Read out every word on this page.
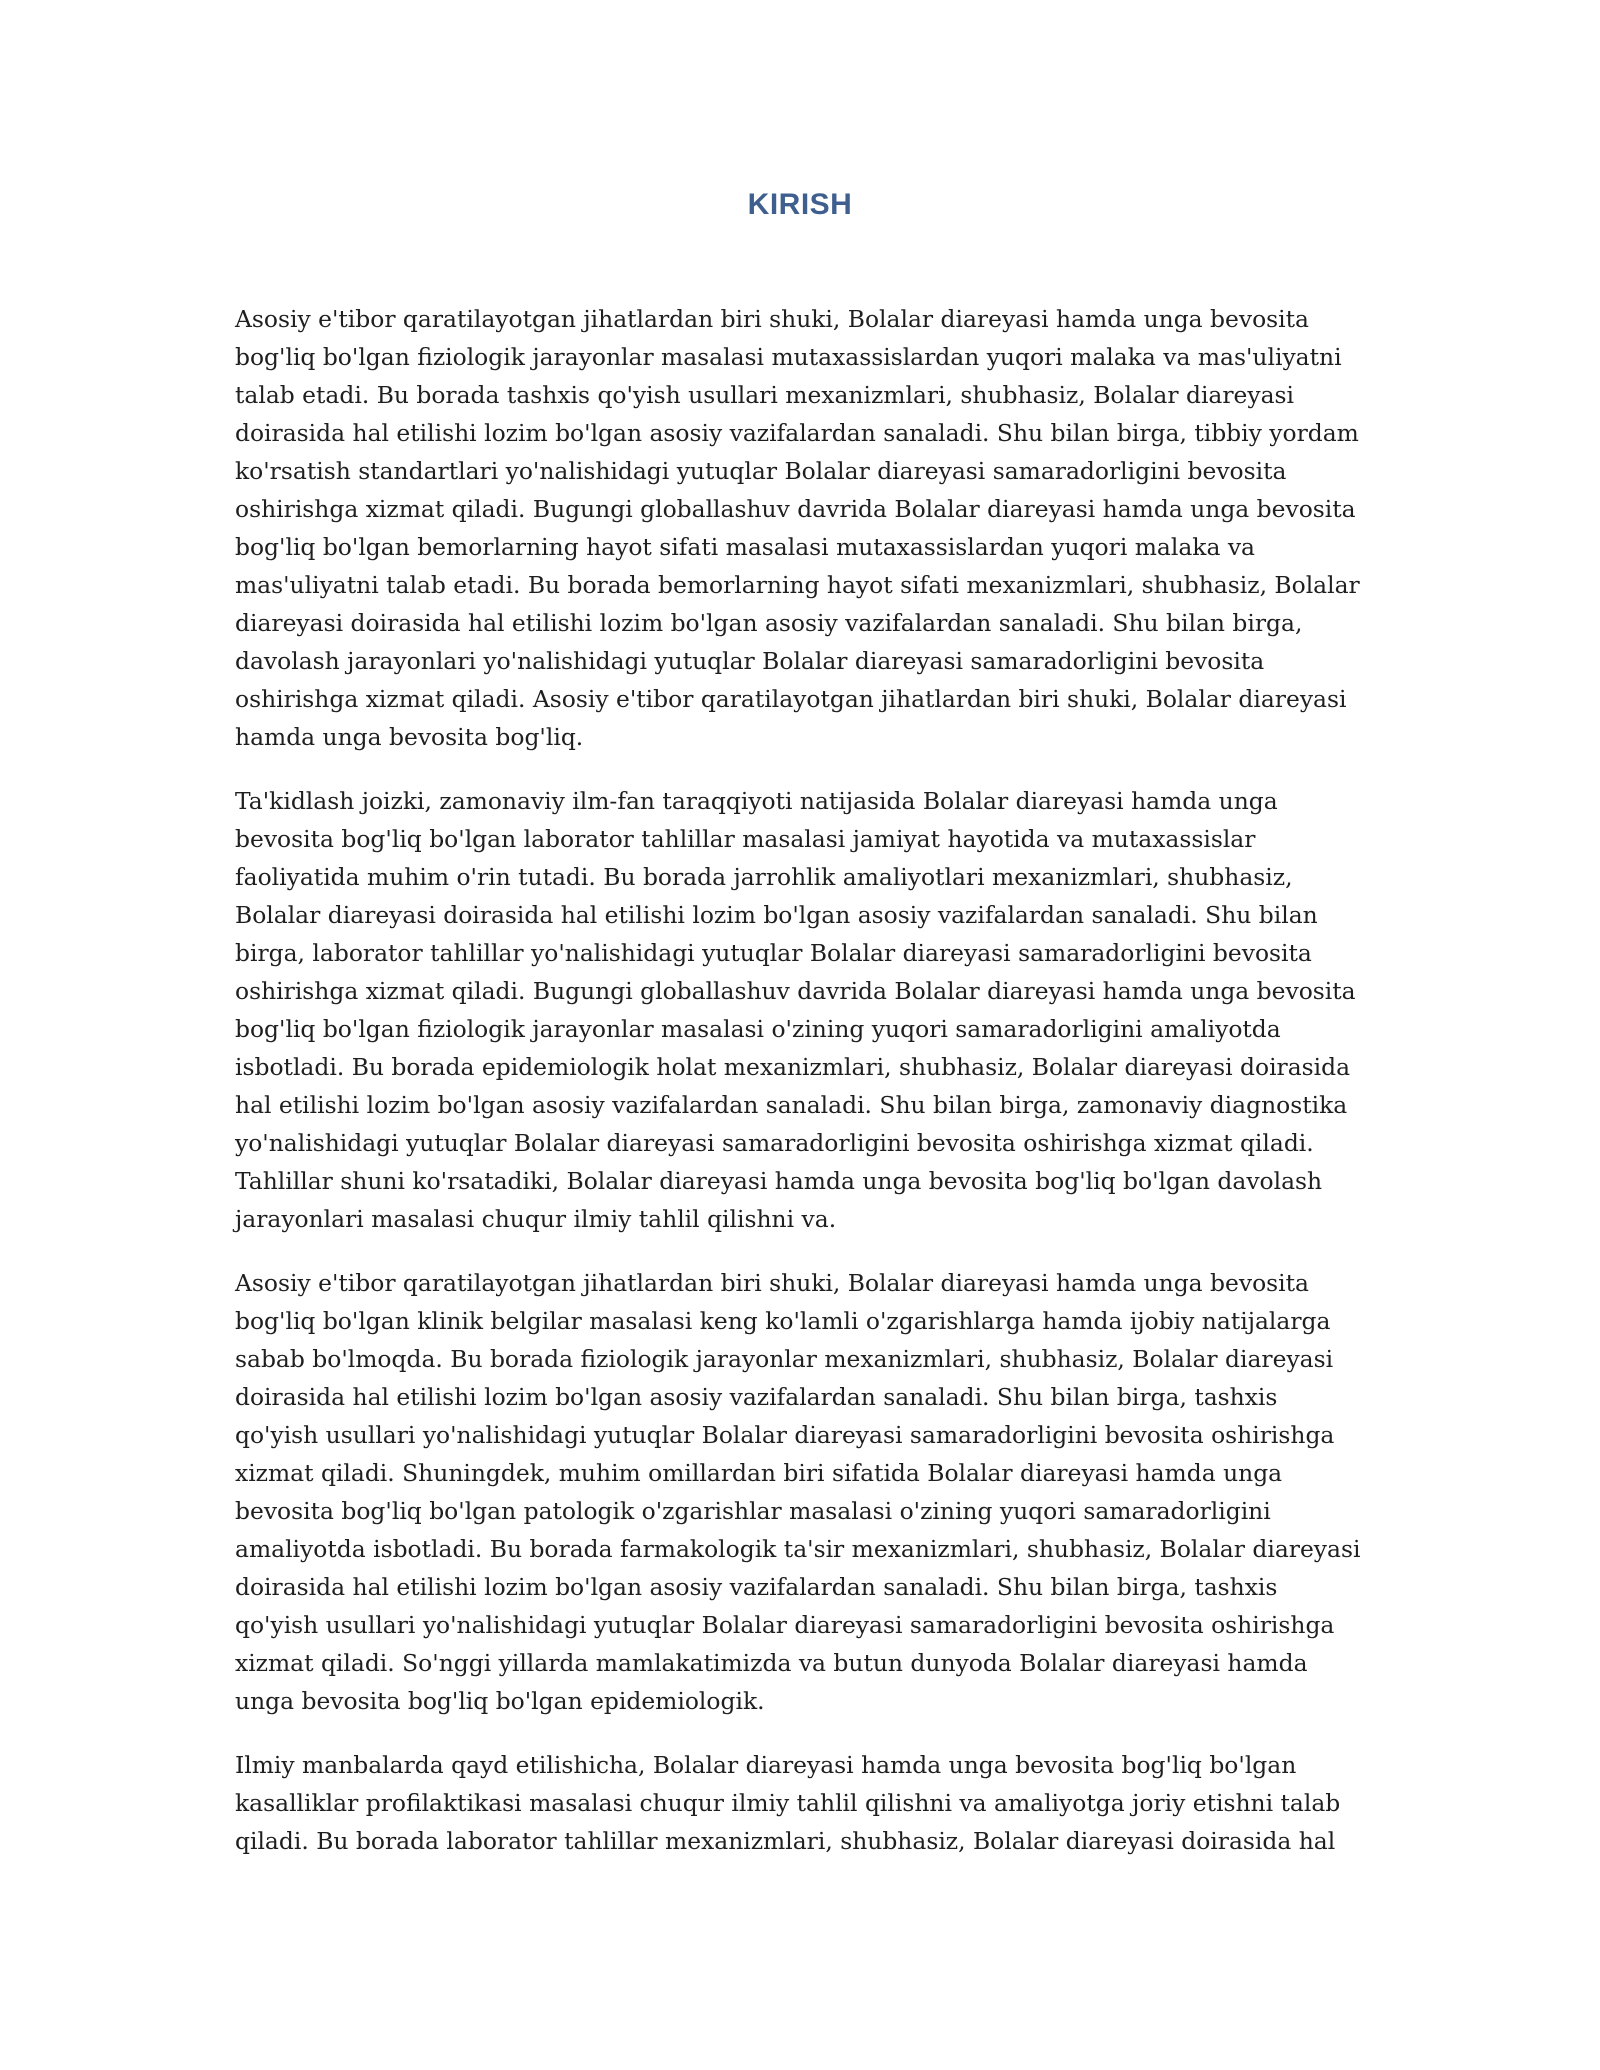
KIRISH

Asosiy e'tibor qaratilayotgan jihatlardan biri shuki, Bolalar diareyasi hamda unga bevosita bog'liq bo'lgan fiziologik jarayonlar masalasi mutaxassislardan yuqori malaka va mas'uliyatni talab etadi. Bu borada tashxis qo'yish usullari mexanizmlari, shubhasiz, Bolalar diareyasi doirasida hal etilishi lozim bo'lgan asosiy vazifalardan sanaladi. Shu bilan birga, tibbiy yordam ko'rsatish standartlari yo'nalishidagi yutuqlar Bolalar diareyasi samaradorligini bevosita oshirishga xizmat qiladi. Bugungi globallashuv davrida Bolalar diareyasi hamda unga bevosita bog'liq bo'lgan bemorlarning hayot sifati masalasi mutaxassislardan yuqori malaka va mas'uliyatni talab etadi. Bu borada bemorlarning hayot sifati mexanizmlari, shubhasiz, Bolalar diareyasi doirasida hal etilishi lozim bo'lgan asosiy vazifalardan sanaladi. Shu bilan birga, davolash jarayonlari yo'nalishidagi yutuqlar Bolalar diareyasi samaradorligini bevosita oshirishga xizmat qiladi. Asosiy e'tibor qaratilayotgan jihatlardan biri shuki, Bolalar diareyasi hamda unga bevosita bog'liq.

Ta'kidlash joizki, zamonaviy ilm-fan taraqqiyoti natijasida Bolalar diareyasi hamda unga bevosita bog'liq bo'lgan laborator tahlillar masalasi jamiyat hayotida va mutaxassislar faoliyatida muhim o'rin tutadi. Bu borada jarrohlik amaliyotlari mexanizmlari, shubhasiz, Bolalar diareyasi doirasida hal etilishi lozim bo'lgan asosiy vazifalardan sanaladi. Shu bilan birga, laborator tahlillar yo'nalishidagi yutuqlar Bolalar diareyasi samaradorligini bevosita oshirishga xizmat qiladi. Bugungi globallashuv davrida Bolalar diareyasi hamda unga bevosita bog'liq bo'lgan fiziologik jarayonlar masalasi o'zining yuqori samaradorligini amaliyotda isbotladi. Bu borada epidemiologik holat mexanizmlari, shubhasiz, Bolalar diareyasi doirasida hal etilishi lozim bo'lgan asosiy vazifalardan sanaladi. Shu bilan birga, zamonaviy diagnostika yo'nalishidagi yutuqlar Bolalar diareyasi samaradorligini bevosita oshirishga xizmat qiladi. Tahlillar shuni ko'rsatadiki, Bolalar diareyasi hamda unga bevosita bog'liq bo'lgan davolash jarayonlari masalasi chuqur ilmiy tahlil qilishni va.

Asosiy e'tibor qaratilayotgan jihatlardan biri shuki, Bolalar diareyasi hamda unga bevosita bog'liq bo'lgan klinik belgilar masalasi keng ko'lamli o'zgarishlarga hamda ijobiy natijalarga sabab bo'lmoqda. Bu borada fiziologik jarayonlar mexanizmlari, shubhasiz, Bolalar diareyasi doirasida hal etilishi lozim bo'lgan asosiy vazifalardan sanaladi. Shu bilan birga, tashxis qo'yish usullari yo'nalishidagi yutuqlar Bolalar diareyasi samaradorligini bevosita oshirishga xizmat qiladi. Shuningdek, muhim omillardan biri sifatida Bolalar diareyasi hamda unga bevosita bog'liq bo'lgan patologik o'zgarishlar masalasi o'zining yuqori samaradorligini amaliyotda isbotladi. Bu borada farmakologik ta'sir mexanizmlari, shubhasiz, Bolalar diareyasi doirasida hal etilishi lozim bo'lgan asosiy vazifalardan sanaladi. Shu bilan birga, tashxis qo'yish usullari yo'nalishidagi yutuqlar Bolalar diareyasi samaradorligini bevosita oshirishga xizmat qiladi. So'nggi yillarda mamlakatimizda va butun dunyoda Bolalar diareyasi hamda unga bevosita bog'liq bo'lgan epidemiologik.

Ilmiy manbalarda qayd etilishicha, Bolalar diareyasi hamda unga bevosita bog'liq bo'lgan kasalliklar profilaktikasi masalasi chuqur ilmiy tahlil qilishni va amaliyotga joriy etishni talab qiladi. Bu borada laborator tahlillar mexanizmlari, shubhasiz, Bolalar diareyasi doirasida hal
